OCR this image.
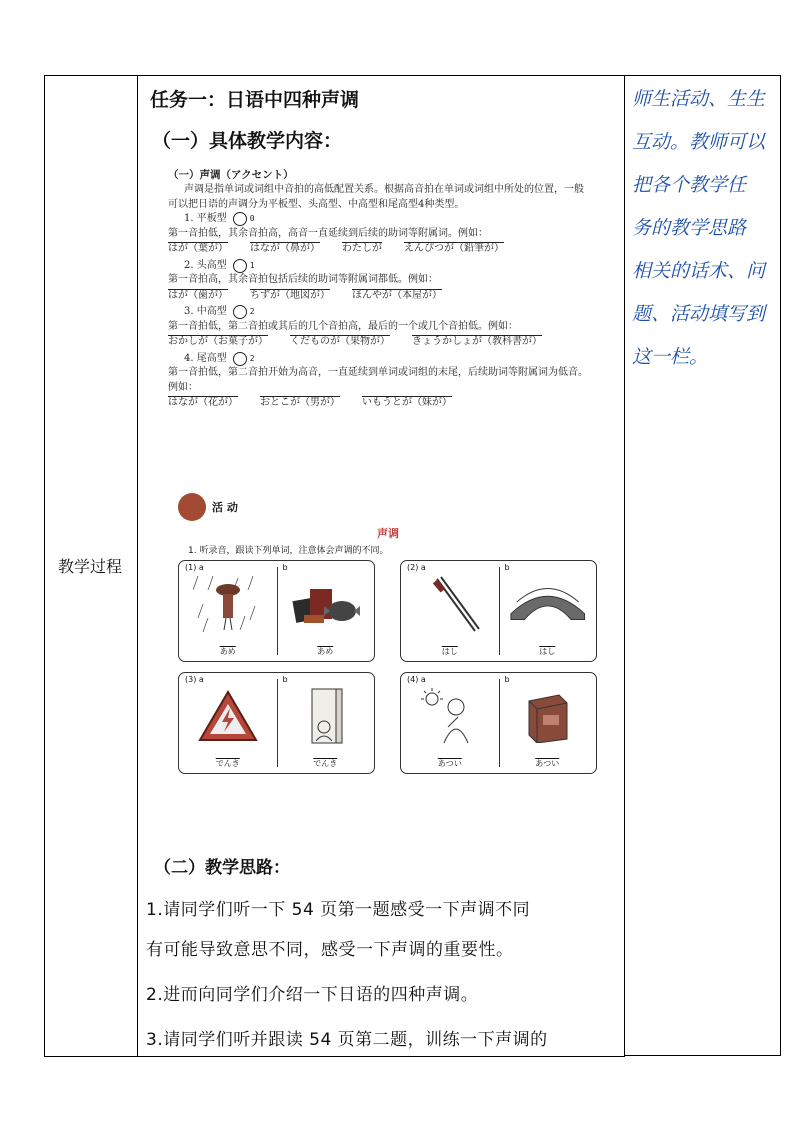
教学过程
任务一：日语中四种声调
（一）具体教学内容：

（一）声调（アクセント）

声调是指单词或词组中音拍的高低配置关系。根据高音拍在单词或词组中所处的位置，一般可以把日语的声调分为平板型、头高型、中高型和尾高型4种类型。

1. 平板型	0

第一音拍低，其余音拍高，高音一直延续到后续的助词等附属词。例如：

はが（葉が） はなが（鼻が） わたしが えんぴつが（鉛筆が）

2. 头高型	1

第一音拍高，其余音拍包括后续的助词等附属词都低。例如：

はが（歯が） ちずが（地図が） ほんやが（本屋が）

3. 中高型	2

第一音拍低，第二音拍或其后的几个音拍高，最后的一个或几个音拍低。例如：

おかしが（お菓子が） くだものが（果物が） きょうかしょが（教科書が）

4. 尾高型	2

第一音拍低，第二音拍开始为高音，一直延续到单词或词组的末尾，后续助词等附属词为低音。例如：

はなが（花が） おとこが（男が） いもうとが（妹が）
活 动
声调
1. 听录音，跟读下列单词，注意体会声调的不同。
(1) a
あめ
b
あめ
(2) a
はし
b
はし
(3) a
でんき
b
でんき
(4) a
あつい
b
あつい
（二）教学思路：
1.请同学们听一下 54 页第一题感受一下声调不同
有可能导致意思不同，感受一下声调的重要性。
2.进而向同学们介绍一下日语的四种声调。
3.请同学们听并跟读 54 页第二题，训练一下声调的
师生活动、生生
互动。教师可以
把各个教学任
务的教学思路
相关的话术、问
题、活动填写到
这一栏。
